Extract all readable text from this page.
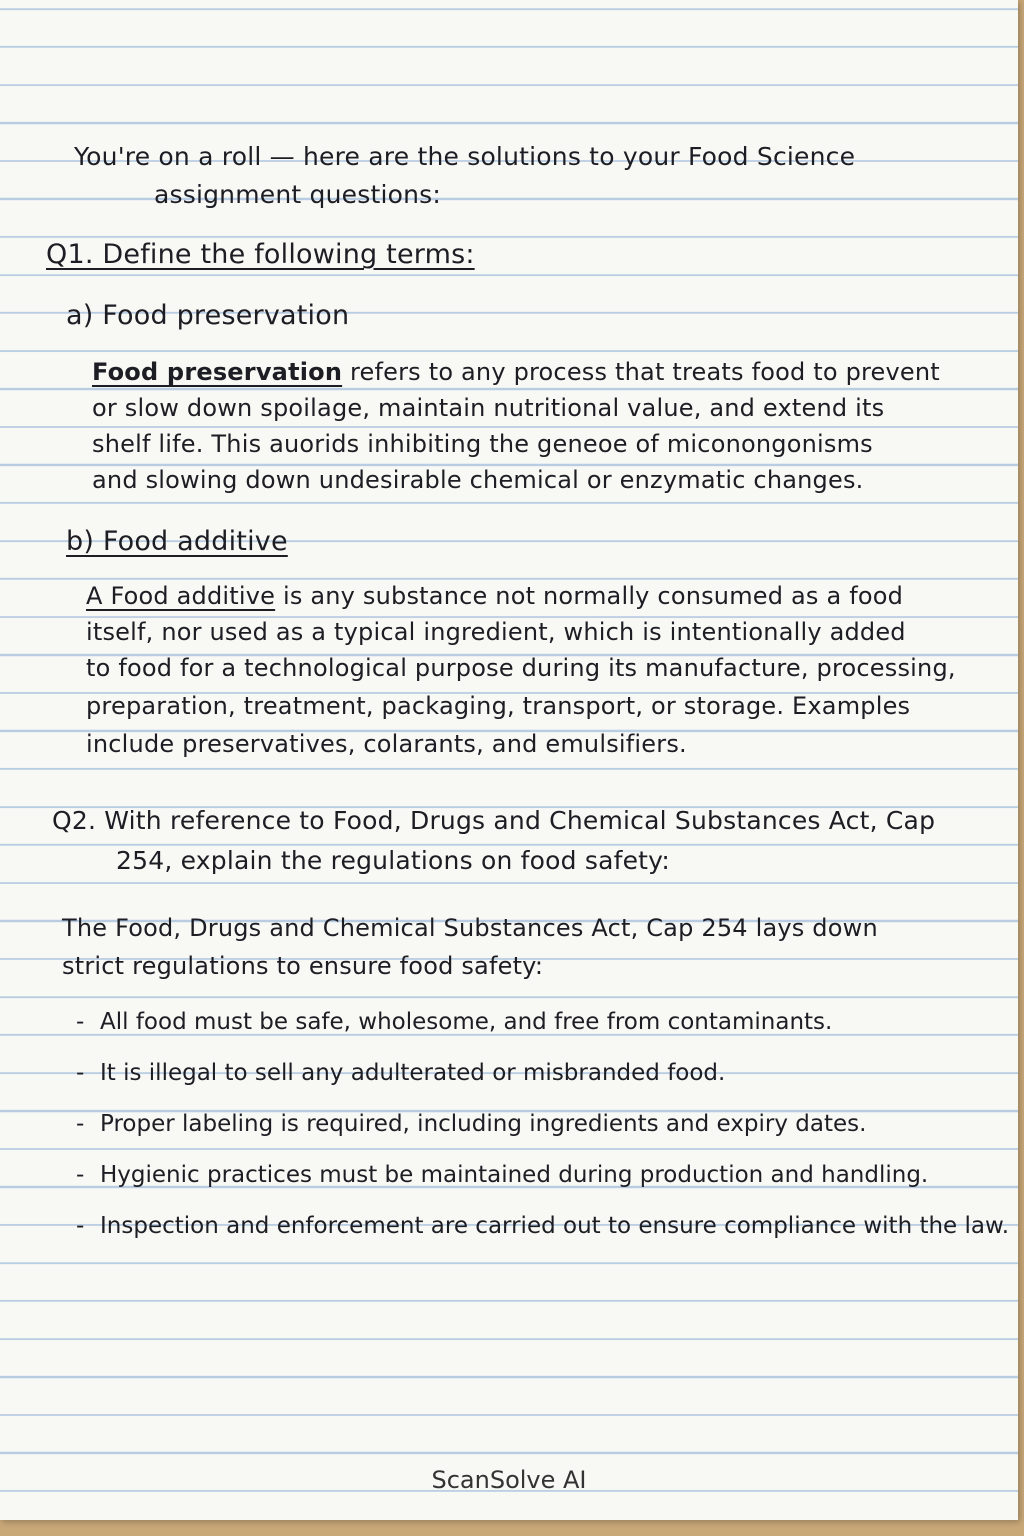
You're on a roll — here are the solutions to your Food Science
assignment questions:
Q1. Define the following terms:
a) Food preservation
Food preservation refers to any process that treats food to prevent
or slow down spoilage, maintain nutritional value, and extend its
shelf life. This auorids inhibiting the geneoe of miconongonisms
and slowing down undesirable chemical or enzymatic changes.
b) Food additive
A Food additive is any substance not normally consumed as a food
itself, nor used as a typical ingredient, which is intentionally added
to food for a technological purpose during its manufacture, processing,
preparation, treatment, packaging, transport, or storage. Examples
include preservatives, colarants, and emulsifiers.
Q2. With reference to Food, Drugs and Chemical Substances Act, Cap
254, explain the regulations on food safety:
The Food, Drugs and Chemical Substances Act, Cap 254 lays down
strict regulations to ensure food safety:
- All food must be safe, wholesome, and free from contaminants.
- It is illegal to sell any adulterated or misbranded food.
- Proper labeling is required, including ingredients and expiry dates.
- Hygienic practices must be maintained during production and handling.
- Inspection and enforcement are carried out to ensure compliance with the law.
ScanSolve AI
